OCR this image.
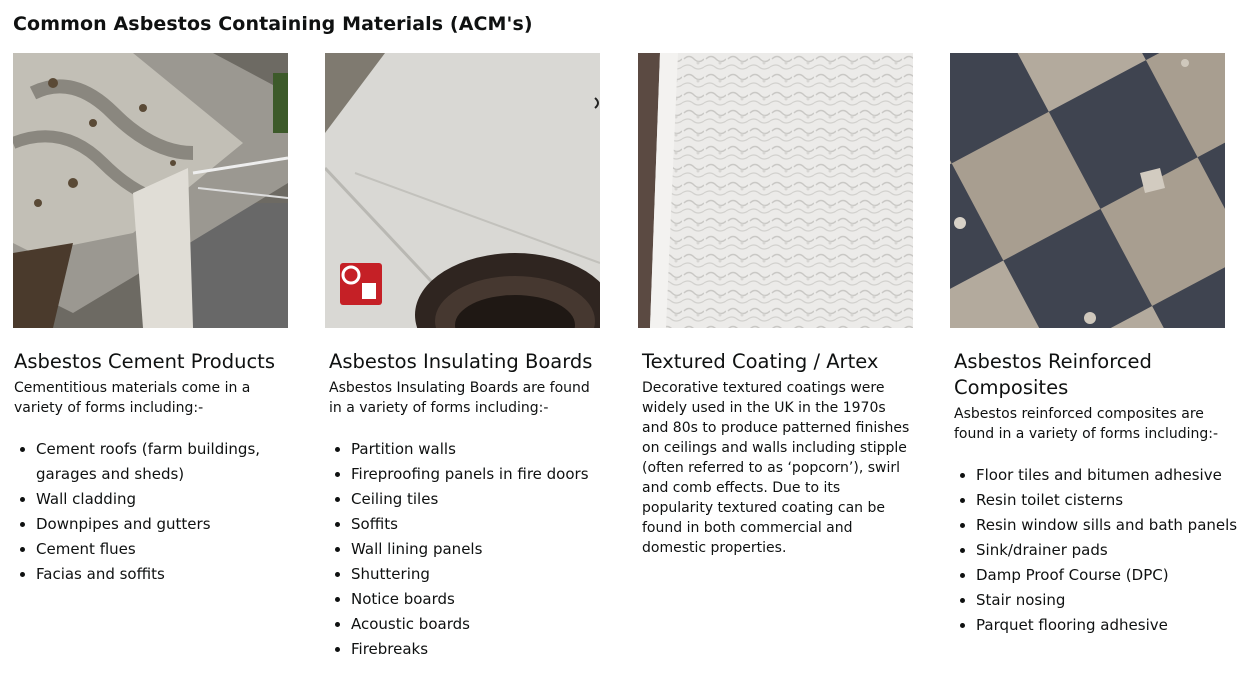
Common Asbestos Containing Materials (ACM's)
Asbestos Cement Products

Cementitious materials come in a variety of forms including:-

• Cement roofs (farm buildings, garages and sheds)
• Wall cladding
• Downpipes and gutters
• Cement flues
• Facias and soffits
Asbestos Insulating Boards

Asbestos Insulating Boards are found in a variety of forms including:-

• Partition walls
• Fireproofing panels in fire doors
• Ceiling tiles
• Soffits
• Wall lining panels
• Shuttering
• Notice boards
• Acoustic boards
• Firebreaks
Textured Coating / Artex

Decorative textured coatings were widely used in the UK in the 1970s and 80s to produce patterned finishes on ceilings and walls including stipple (often referred to as ‘popcorn’), swirl and comb effects. Due to its popularity textured coating can be found in both commercial and domestic properties.

Asbestos Reinforced Composites

Asbestos reinforced composites are found in a variety of forms including:-

• Floor tiles and bitumen adhesive
• Resin toilet cisterns
• Resin window sills and bath panels
• Sink/drainer pads
• Damp Proof Course (DPC)
• Stair nosing
• Parquet flooring adhesive
